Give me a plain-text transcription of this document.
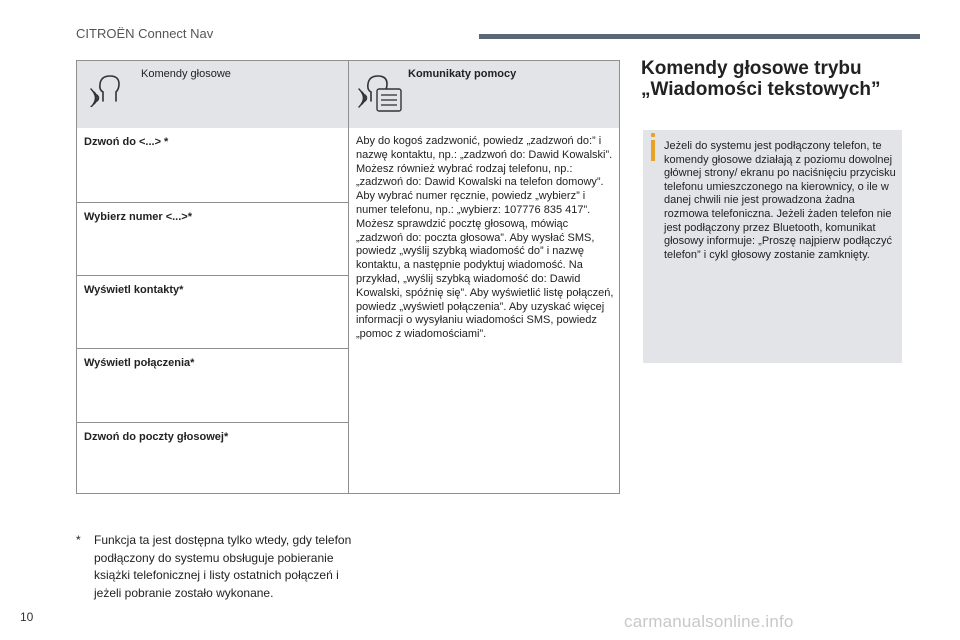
CITROËN Connect Nav
Komendy głosowe	Komunikaty pomocy
Dzwoń do <...> *
Wybierz numer <...>*
Wyświetl kontakty*
Wyświetl połączenia*
Dzwoń do poczty głosowej*
Aby do kogoś zadzwonić, powiedz „zadzwoń do:” i nazwę kontaktu, np.: „zadzwoń do: Dawid Kowalski”. Możesz również wybrać rodzaj telefonu, np.: „zadzwoń do: Dawid Kowalski na telefon domowy”. Aby wybrać numer ręcznie, powiedz „wybierz” i numer telefonu, np.: „wybierz: 107776 835 417”. Możesz sprawdzić pocztę głosową, mówiąc „zadzwoń do: poczta głosowa”. Aby wysłać SMS, powiedz „wyślij szybką wiadomość do” i nazwę kontaktu, a następnie podyktuj wiadomość. Na przykład, „wyślij szybką wiadomość do: Dawid Kowalski, spóźnię się”. Aby wyświetlić listę połączeń, powiedz „wyświetl połączenia”. Aby uzyskać więcej informacji o wysyłaniu wiadomości SMS, powiedz „pomoc z wiadomościami”.
* Funkcja ta jest dostępna tylko wtedy, gdy telefon podłączony do systemu obsługuje pobieranie książki telefonicznej i listy ostatnich połączeń i jeżeli pobranie zostało wykonane.
10
Komendy głosowe trybu „Wiadomości tekstowych”
Jeżeli do systemu jest podłączony telefon, te komendy głosowe działają z poziomu dowolnej głównej strony/ ekranu po naciśnięciu przycisku telefonu umieszczonego na kierownicy, o ile w danej chwili nie jest prowadzona żadna rozmowa telefoniczna. Jeżeli żaden telefon nie jest podłączony przez Bluetooth, komunikat głosowy informuje: „Proszę najpierw podłączyć telefon” i cykl głosowy zostanie zamknięty.
carmanualsonline.info
